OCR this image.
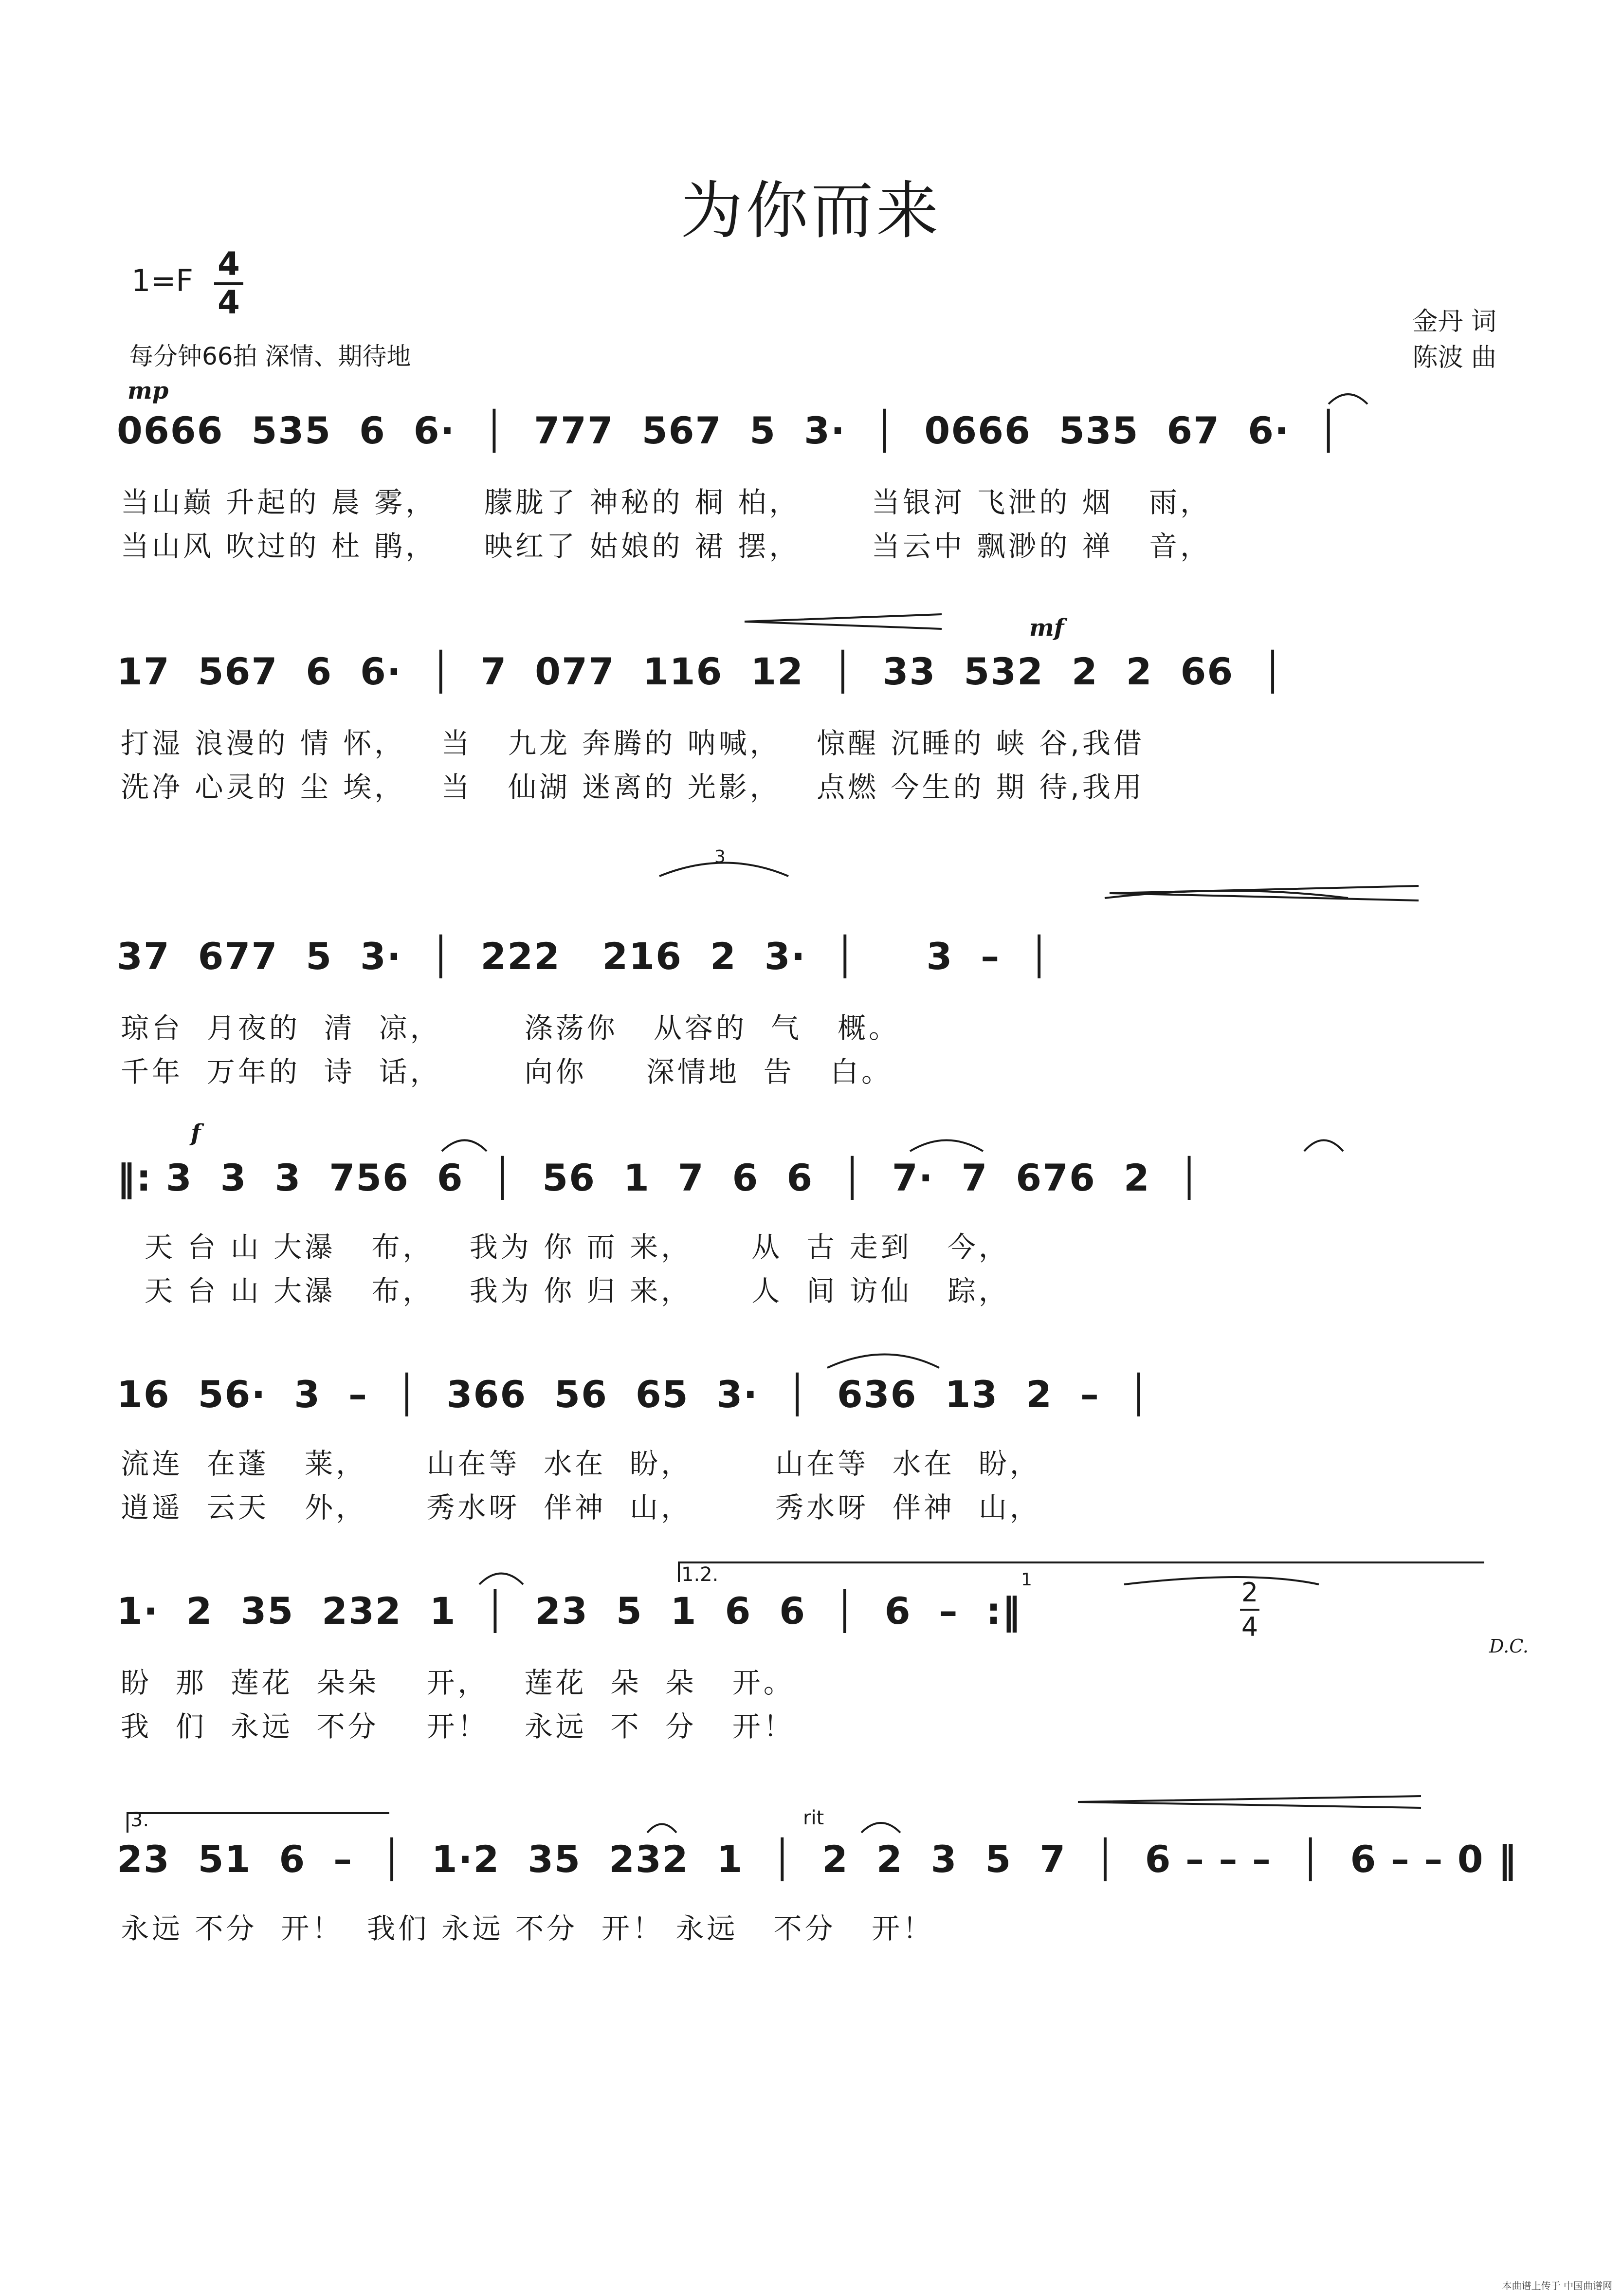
为你而来
1=F 4
4
每分钟66拍 深情、期待地
金丹 词
陈波 曲
mp
mf
f
rit
D.C.
1.2.
3.
3
1	2
4
0666  535  6  6·  │  777  567  5  3·  │  0666  535  67  6·  │
当山巅 升起的 晨 雾，    朦胧了 神秘的 桐 柏，      当银河 飞泄的 烟   雨，
当山风 吹过的 杜 鹃，    映红了 姑娘的 裙 摆，      当云中 飘渺的 禅   音，
17  567  6  6·  │  7  077  116  12  │  33  532  2  2  66  │
打湿 浪漫的 情 怀，   当   九龙 奔腾的 呐喊，   惊醒 沉睡的 峡 谷,我借
洗净 心灵的 尘 埃，   当   仙湖 迷离的 光影，   点燃 今生的 期 待,我用
37  677  5  3·  │  222   216  2  3·  │     3  –  │
琼台  月夜的  清  凉，       涤荡你   从容的  气   概。
千年  万年的  诗  话，       向你     深情地  告   白。
‖: 3  3  3  756  6  │  56  1  7  6  6  │  7·  7  676  2  │
天 台 山 大瀑   布，   我为 你 而 来，     从  古 走到   今，
天 台 山 大瀑   布，   我为 你 归 来，     人  间 访仙   踪，
16  56·  3  –  │  366  56  65  3·  │  636  13  2  –  │
流连  在蓬   莱，     山在等  水在  盼，       山在等  水在  盼，
逍遥  云天   外，     秀水呀  伴神  山，       秀水呀  伴神  山，
1·  2  35  232  1  │  23  5  1  6  6  │  6  –  :‖
盼  那  莲花  朵朵    开，   莲花  朵  朵   开。
我  们  永远  不分    开！   永远  不  分   开！
23  51  6  –  │  1·2  35  232  1  │  2  2  3  5  7  │  6 – – –  │  6 – – 0 ‖
永远 不分  开！  我们 永远 不分  开！ 永远   不分   开！
本曲谱上传于 中国曲谱网
